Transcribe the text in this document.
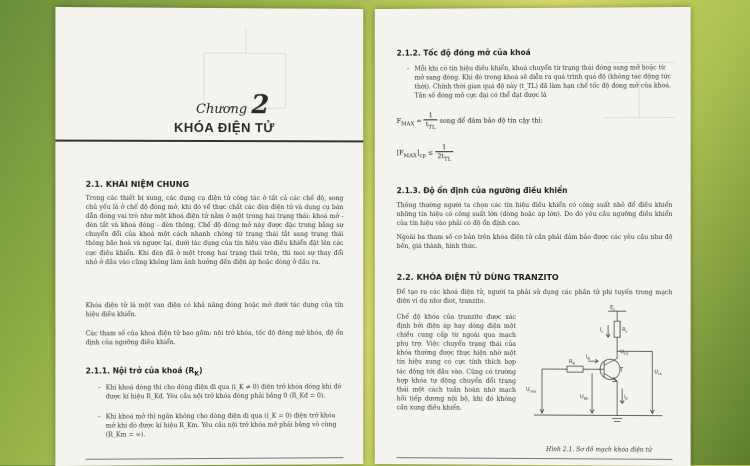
Chương 2
KHÓA ĐIỆN TỬ
2.1. KHÁI NIỆM CHUNG
Trong các thiết bị xung, các dụng cụ điện tử công tác ở tất cả các chế độ, song chủ yếu là ở chế độ đóng mở, khi đó về thực chất các đèn điện tử và dụng cụ bán dẫn đóng vai trò như một khoá điện tử nằm ở một trong hai trạng thái: khoá mở - đèn tắt và khoá đóng - đèn thông. Chế độ đóng mở này được đặc trưng bằng sự chuyển đổi của khoá một cách nhanh chóng từ trạng thái tắt sang trạng thái thông bão hoà và ngược lại, dưới tác dụng của tín hiệu vào điều khiển đặt lên các cực điều khiển. Khi đèn đã ở một trong hai trạng thái trên, thì mọi sự thay đổi nhỏ ở đầu vào cũng không làm ảnh hưởng đến điện áp hoặc dòng ở đầu ra.
Khóa điện tử là một van điện có khả năng đóng hoặc mở dưới tác dụng của tín hiệu điều khiển.
Các tham số của khoá điện tử bao gồm: nội trở khóa, tốc độ đóng mở khóa, độ ổn định của ngưỡng điều khiển.
2.1.1. Nội trở của khoá $(R_K)$
– Khi khoá đóng thì cho dòng điện đi qua (i_K ≠ 0) điện trở khóa đóng khi đó được kí hiệu R_Kđ. Yêu cầu nội trở khóa đóng phải bằng 0 (R_Kđ = 0).
– Khi khoá mở thì ngăn không cho dòng điện đi qua (i_K = 0) điện trở khóa mở khi đó được kí hiệu R_Km. Yêu cầu nội trở khóa mở phải bằng vô cùng (R_Km = ∞).
2.1.2. Tốc độ đóng mở của khoá
– Mỗi khi có tín hiệu điều khiển, khoá chuyển từ trạng thái đóng sang mở hoặc từ mở sang đóng. Khi đó trong khoá sẽ diễn ra quá trình quá độ (không tác động tức thời). Chính thời gian quá độ này (t_TL) đã làm hạn chế tốc độ đóng mở của khoá. Tần số đóng mở cực đại có thể đạt được là
$F_{MAX} = \frac{1}{t_{TL}}$ song để đảm bảo độ tin cậy thì:
$[F_{MAX}]_{cp} \le \frac{1}{2t_{TL}}$
2.1.3. Độ ổn định của ngưỡng điều khiển
Thông thường người ta chọn các tín hiệu điều khiển có công suất nhỏ để điều khiển những tín hiệu có công suất lớn (dòng hoặc áp lớn). Do đó yêu cầu ngưỡng điều khiển của tín hiệu vào phải có độ ổn định cao.
Ngoài ba tham số cơ bản trên khóa điện tử cần phải đảm bảo được các yêu cầu như độ bền, giá thành, hình thức.
2.2. KHÓA ĐIỆN TỬ DÙNG TRANZITO
Để tạo ra các khoá điện tử, người ta phải sử dụng các phần tử phi tuyến trong mạch điện ví dụ như điot, tranzito.
Chế độ khóa của tranzito được xác định bởi điện áp hay dòng điện một chiều cung cấp từ ngoài qua mạch phụ trợ. Việc chuyển trạng thái của khóa thường được thực hiện nhờ một tín hiệu xung có cực tính thích hợp tác động tới đầu vào. Cũng có trường hợp khóa tự động chuyển đổi trạng thái một cách tuần hoàn nhờ mạch hồi tiếp dương nội bộ, khi đó không cần xung điều khiển.
$E_c$
$R_c$
$I_c$
$U_{ra}$
T
$U_{CE}$
$R_B$
$I_B$
$U_{vào}$
$U_{BE}$	$I_E$
Hình 2.1. Sơ đồ mạch khóa điện tử
